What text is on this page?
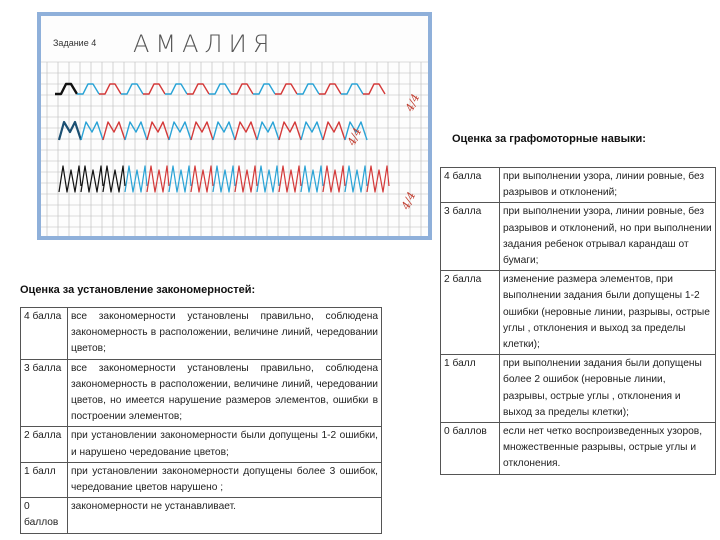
Задание 4 АМАЛИЯ
4/4
4/4
4/4
Оценка за графомоторные навыки:
4 балла	при выполнении узора, линии ровные, без разрывов и отклонений;
3 балла	при выполнении узора, линии ровные, без разрывов и отклонений, но при выполнении задания ребенок отрывал карандаш от бумаги;
2 балла	изменение размера элементов, при выполнении задания были допущены 1-2 ошибки (неровные линии, разрывы, острые углы , отклонения и выход за пределы клетки);
1 балл	при выполнении задания были допущены более 2 ошибок (неровные линии, разрывы, острые углы , отклонения и выход за пределы клетки);
0 баллов	если нет четко воспроизведенных узоров, множественные разрывы, острые углы и отклонения.
Оценка за установление закономерностей:
4 балла	все закономерности установлены правильно, соблюдена закономерность в расположении, величине линий, чередовании цветов;
3 балла	все закономерности установлены правильно, соблюдена закономерность в расположении, величине линий, чередовании цветов, но имеется нарушение размеров элементов, ошибки в построении элементов;
2 балла	при установлении закономерности были допущены 1-2 ошибки, и нарушено чередование цветов;
1 балл	при установлении закономерности допущены более 3 ошибок, чередование цветов нарушено ;
0 баллов	закономерности не устанавливает.
